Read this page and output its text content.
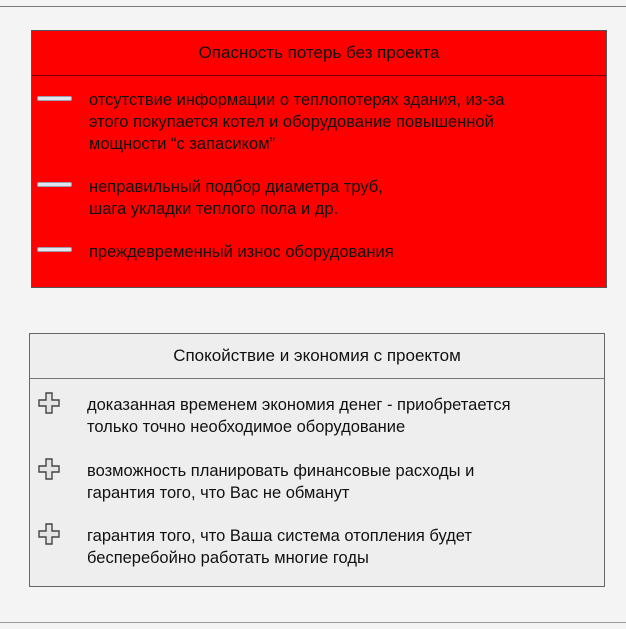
Опасность потерь без проекта
отсутствие информации о теплопотерях здания, из-за
этого покупается котел и оборудование повышенной
мощности “с запасиком”
неправильный подбор диаметра труб,
шага укладки теплого пола и др.
преждевременный износ оборудования
Спокойствие и экономия с проектом
доказанная временем экономия денег - приобретается
только точно необходимое оборудование
возможность планировать финансовые расходы и
гарантия того, что Вас не обманут
гарантия того, что Ваша система отопления будет
бесперебойно работать многие годы
